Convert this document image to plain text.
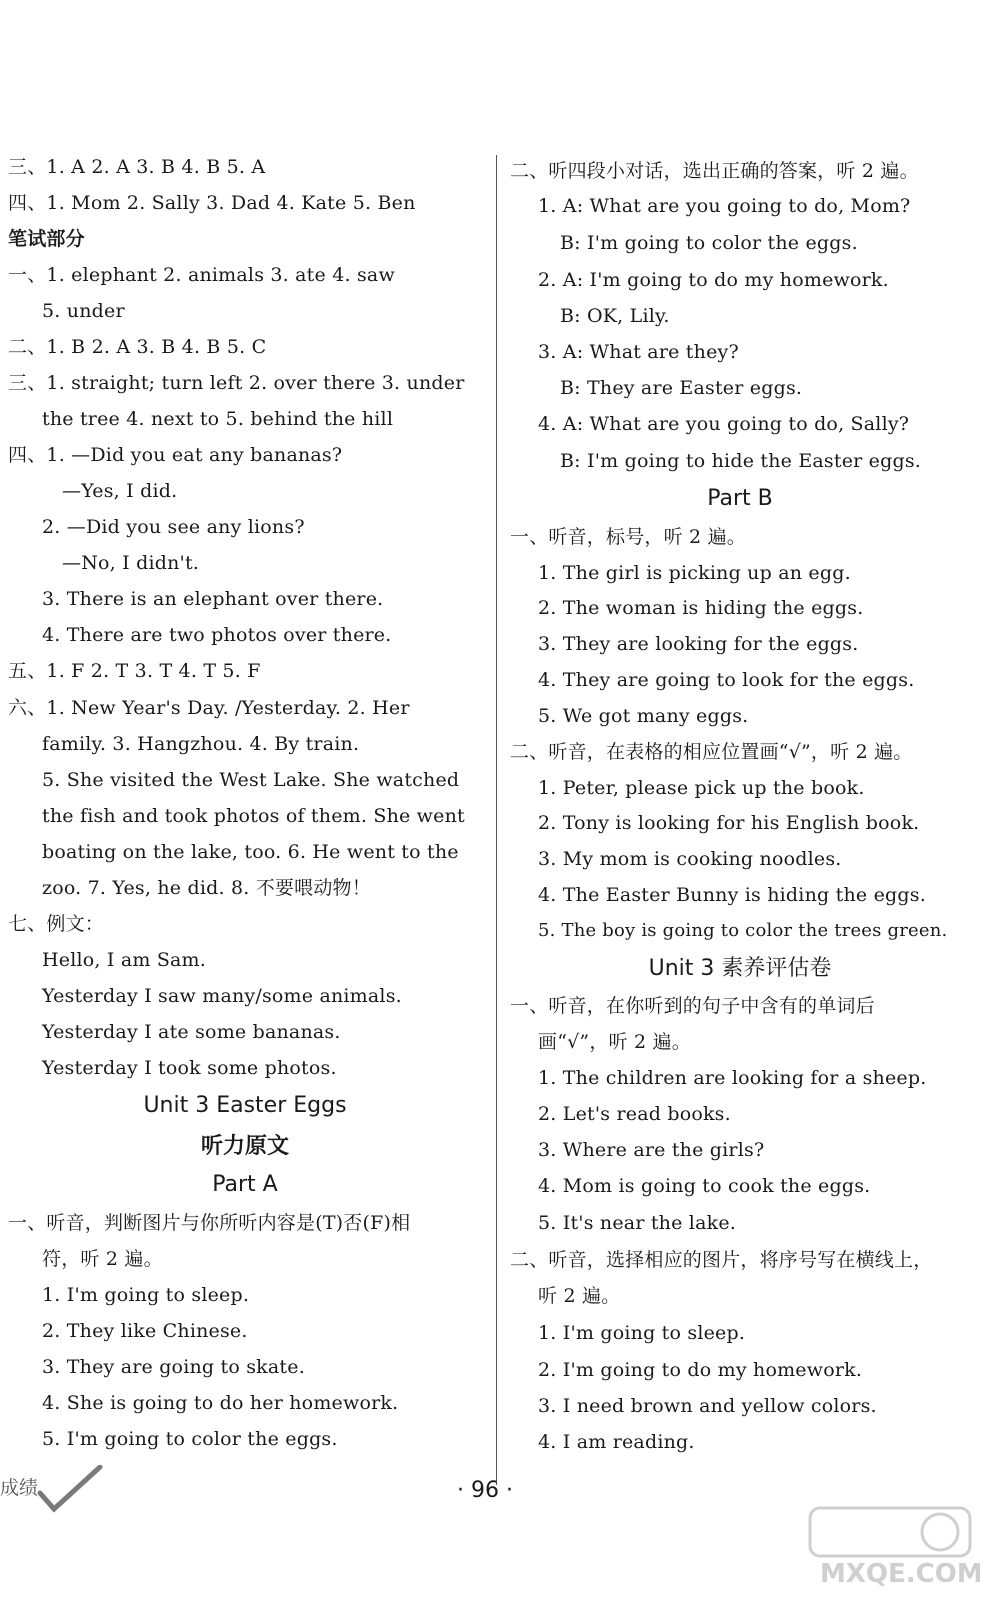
三、1. A 2. A 3. B 4. B 5. A
四、1. Mom 2. Sally 3. Dad 4. Kate 5. Ben
笔试部分
一、1. elephant 2. animals 3. ate 4. saw
5. under
二、1. B 2. A 3. B 4. B 5. C
三、1. straight; turn left 2. over there 3. under
the tree 4. next to 5. behind the hill
四、1. —Did you eat any bananas?
—Yes, I did.
2. —Did you see any lions?
—No, I didn't.
3. There is an elephant over there.
4. There are two photos over there.
五、1. F 2. T 3. T 4. T 5. F
六、1. New Year's Day. /Yesterday. 2. Her
family. 3. Hangzhou. 4. By train.
5. She visited the West Lake. She watched
the fish and took photos of them. She went
boating on the lake, too. 6. He went to the
zoo. 7. Yes, he did. 8. 不要喂动物！
七、例文：
Hello, I am Sam.
Yesterday I saw many/some animals.
Yesterday I ate some bananas.
Yesterday I took some photos.
Unit 3 Easter Eggs
听力原文
Part A
一、听音，判断图片与你所听内容是(T)否(F)相
符，听 2 遍。
1. I'm going to sleep.
2. They like Chinese.
3. They are going to skate.
4. She is going to do her homework.
5. I'm going to color the eggs.
二、听四段小对话，选出正确的答案，听 2 遍。
1. A: What are you going to do, Mom?
B: I'm going to color the eggs.
2. A: I'm going to do my homework.
B: OK, Lily.
3. A: What are they?
B: They are Easter eggs.
4. A: What are you going to do, Sally?
B: I'm going to hide the Easter eggs.
Part B
一、听音，标号，听 2 遍。
1. The girl is picking up an egg.
2. The woman is hiding the eggs.
3. They are looking for the eggs.
4. They are going to look for the eggs.
5. We got many eggs.
二、听音，在表格的相应位置画“√”，听 2 遍。
1. Peter, please pick up the book.
2. Tony is looking for his English book.
3. My mom is cooking noodles.
4. The Easter Bunny is hiding the eggs.
5. The boy is going to color the trees green.
Unit 3 素养评估卷
一、听音，在你听到的句子中含有的单词后
画“√”，听 2 遍。
1. The children are looking for a sheep.
2. Let's read books.
3. Where are the girls?
4. Mom is going to cook the eggs.
5. It's near the lake.
二、听音，选择相应的图片，将序号写在横线上，
听 2 遍。
1. I'm going to sleep.
2. I'm going to do my homework.
3. I need brown and yellow colors.
4. I am reading.
成绩	· 96 ·
MXQE.COM
